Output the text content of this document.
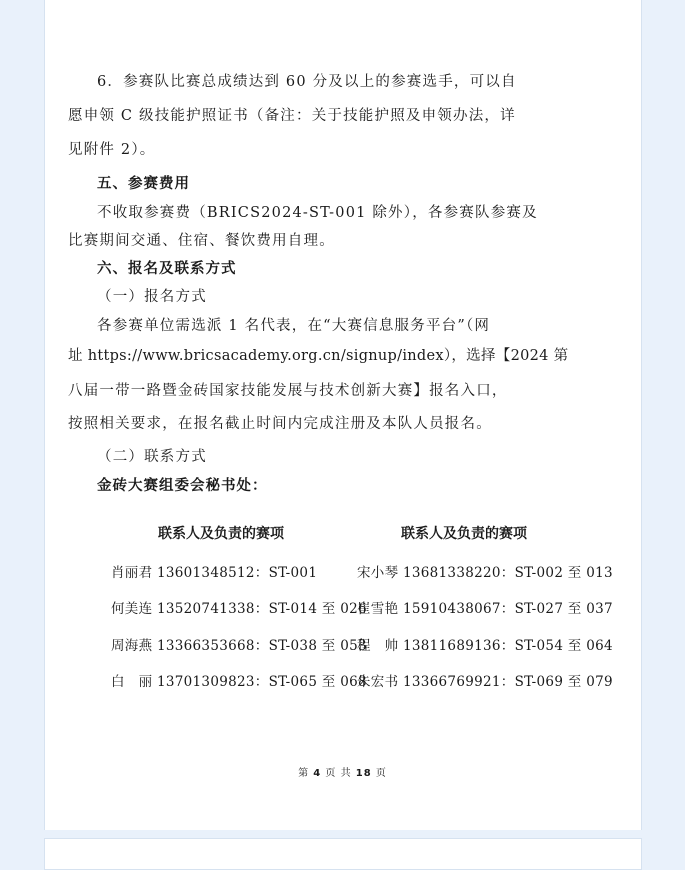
6．参赛队比赛总成绩达到 60 分及以上的参赛选手，可以自
愿申领 C 级技能护照证书（备注：关于技能护照及申领办法，详
见附件 2）。
五、参赛费用
不收取参赛费（BRICS2024-ST-001 除外），各参赛队参赛及
比赛期间交通、住宿、餐饮费用自理。
六、报名及联系方式
（一）报名方式
各参赛单位需选派 1 名代表，在“大赛信息服务平台”（网
址 https://www.bricsacademy.org.cn/signup/index），选择【2024 第
八届一带一路暨金砖国家技能发展与技术创新大赛】报名入口，
按照相关要求，在报名截止时间内完成注册及本队人员报名。
（二）联系方式
金砖大赛组委会秘书处：
联系人及负责的赛项	联系人及负责的赛项
肖丽君 13601348512：ST-001
何美连 13520741338：ST-014 至 026
周海燕 13366353668：ST-038 至 053
白　丽 13701309823：ST-065 至 068
宋小琴 13681338220：ST-002 至 013
崔雪艳 15910438067：ST-027 至 037
程　帅 13811689136：ST-054 至 064
朱宏书 13366769921：ST-069 至 079
第 4 页 共 18 页
